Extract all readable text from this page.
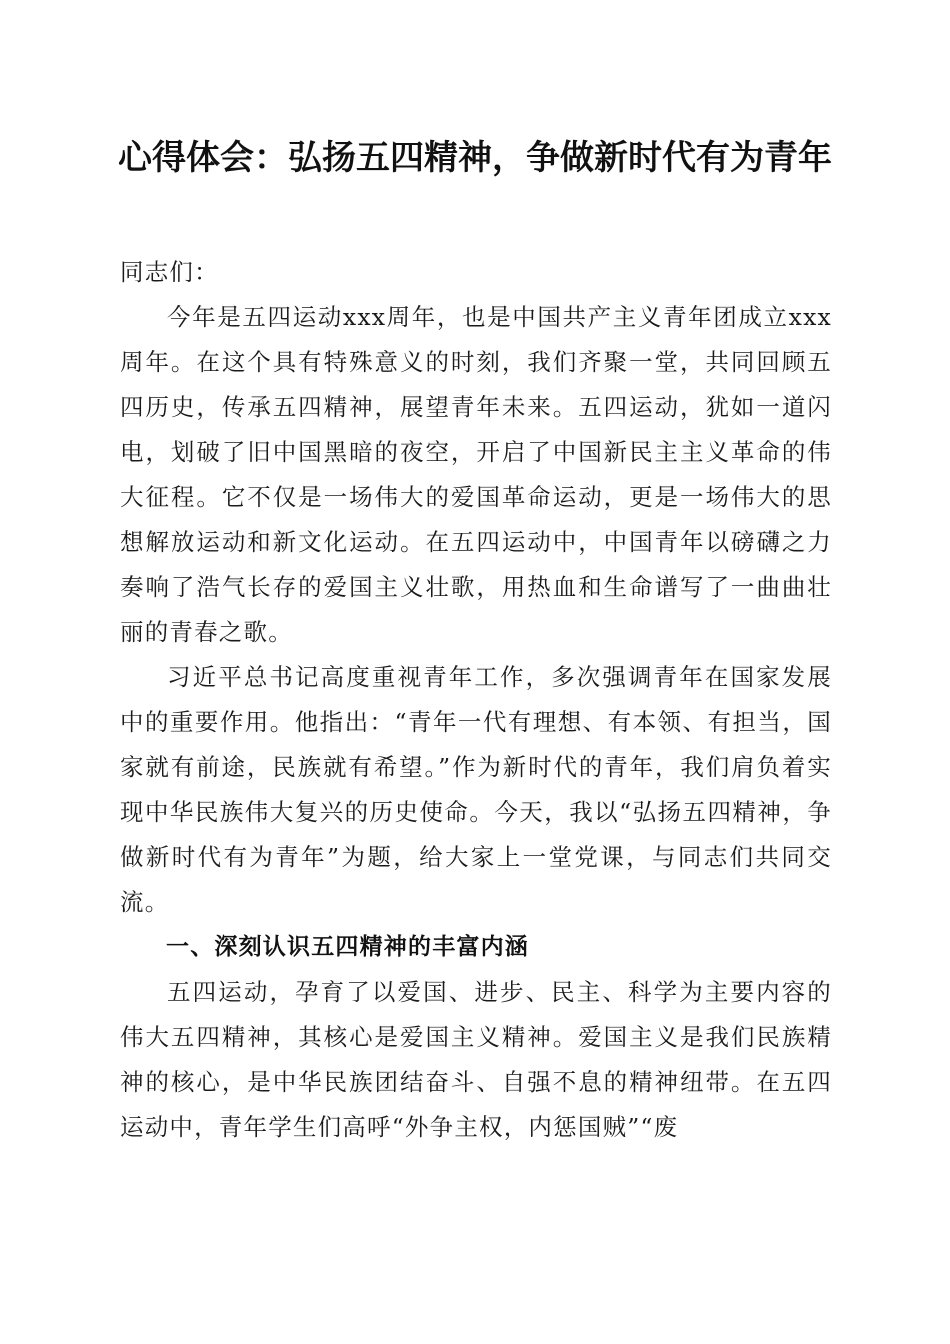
心得体会：弘扬五四精神，争做新时代有为青年

同志们：

今年是五四运动xxx周年，也是中国共产主义青年团成立xxx周年。在这个具有特殊意义的时刻，我们齐聚一堂，共同回顾五四历史，传承五四精神，展望青年未来。五四运动，犹如一道闪电，划破了旧中国黑暗的夜空，开启了中国新民主主义革命的伟大征程。它不仅是一场伟大的爱国革命运动，更是一场伟大的思想解放运动和新文化运动。在五四运动中，中国青年以磅礴之力奏响了浩气长存的爱国主义壮歌，用热血和生命谱写了一曲曲壮丽的青春之歌。

习近平总书记高度重视青年工作，多次强调青年在国家发展中的重要作用。他指出：“青年一代有理想、有本领、有担当，国家就有前途，民族就有希望。”作为新时代的青年，我们肩负着实现中华民族伟大复兴的历史使命。今天，我以“弘扬五四精神，争做新时代有为青年”为题，给大家上一堂党课，与同志们共同交流。

一、深刻认识五四精神的丰富内涵

五四运动，孕育了以爱国、进步、民主、科学为主要内容的伟大五四精神，其核心是爱国主义精神。爱国主义是我们民族精神的核心，是中华民族团结奋斗、自强不息的精神纽带。在五四运动中，青年学生们高呼“外争主权，内惩国贼”“废
